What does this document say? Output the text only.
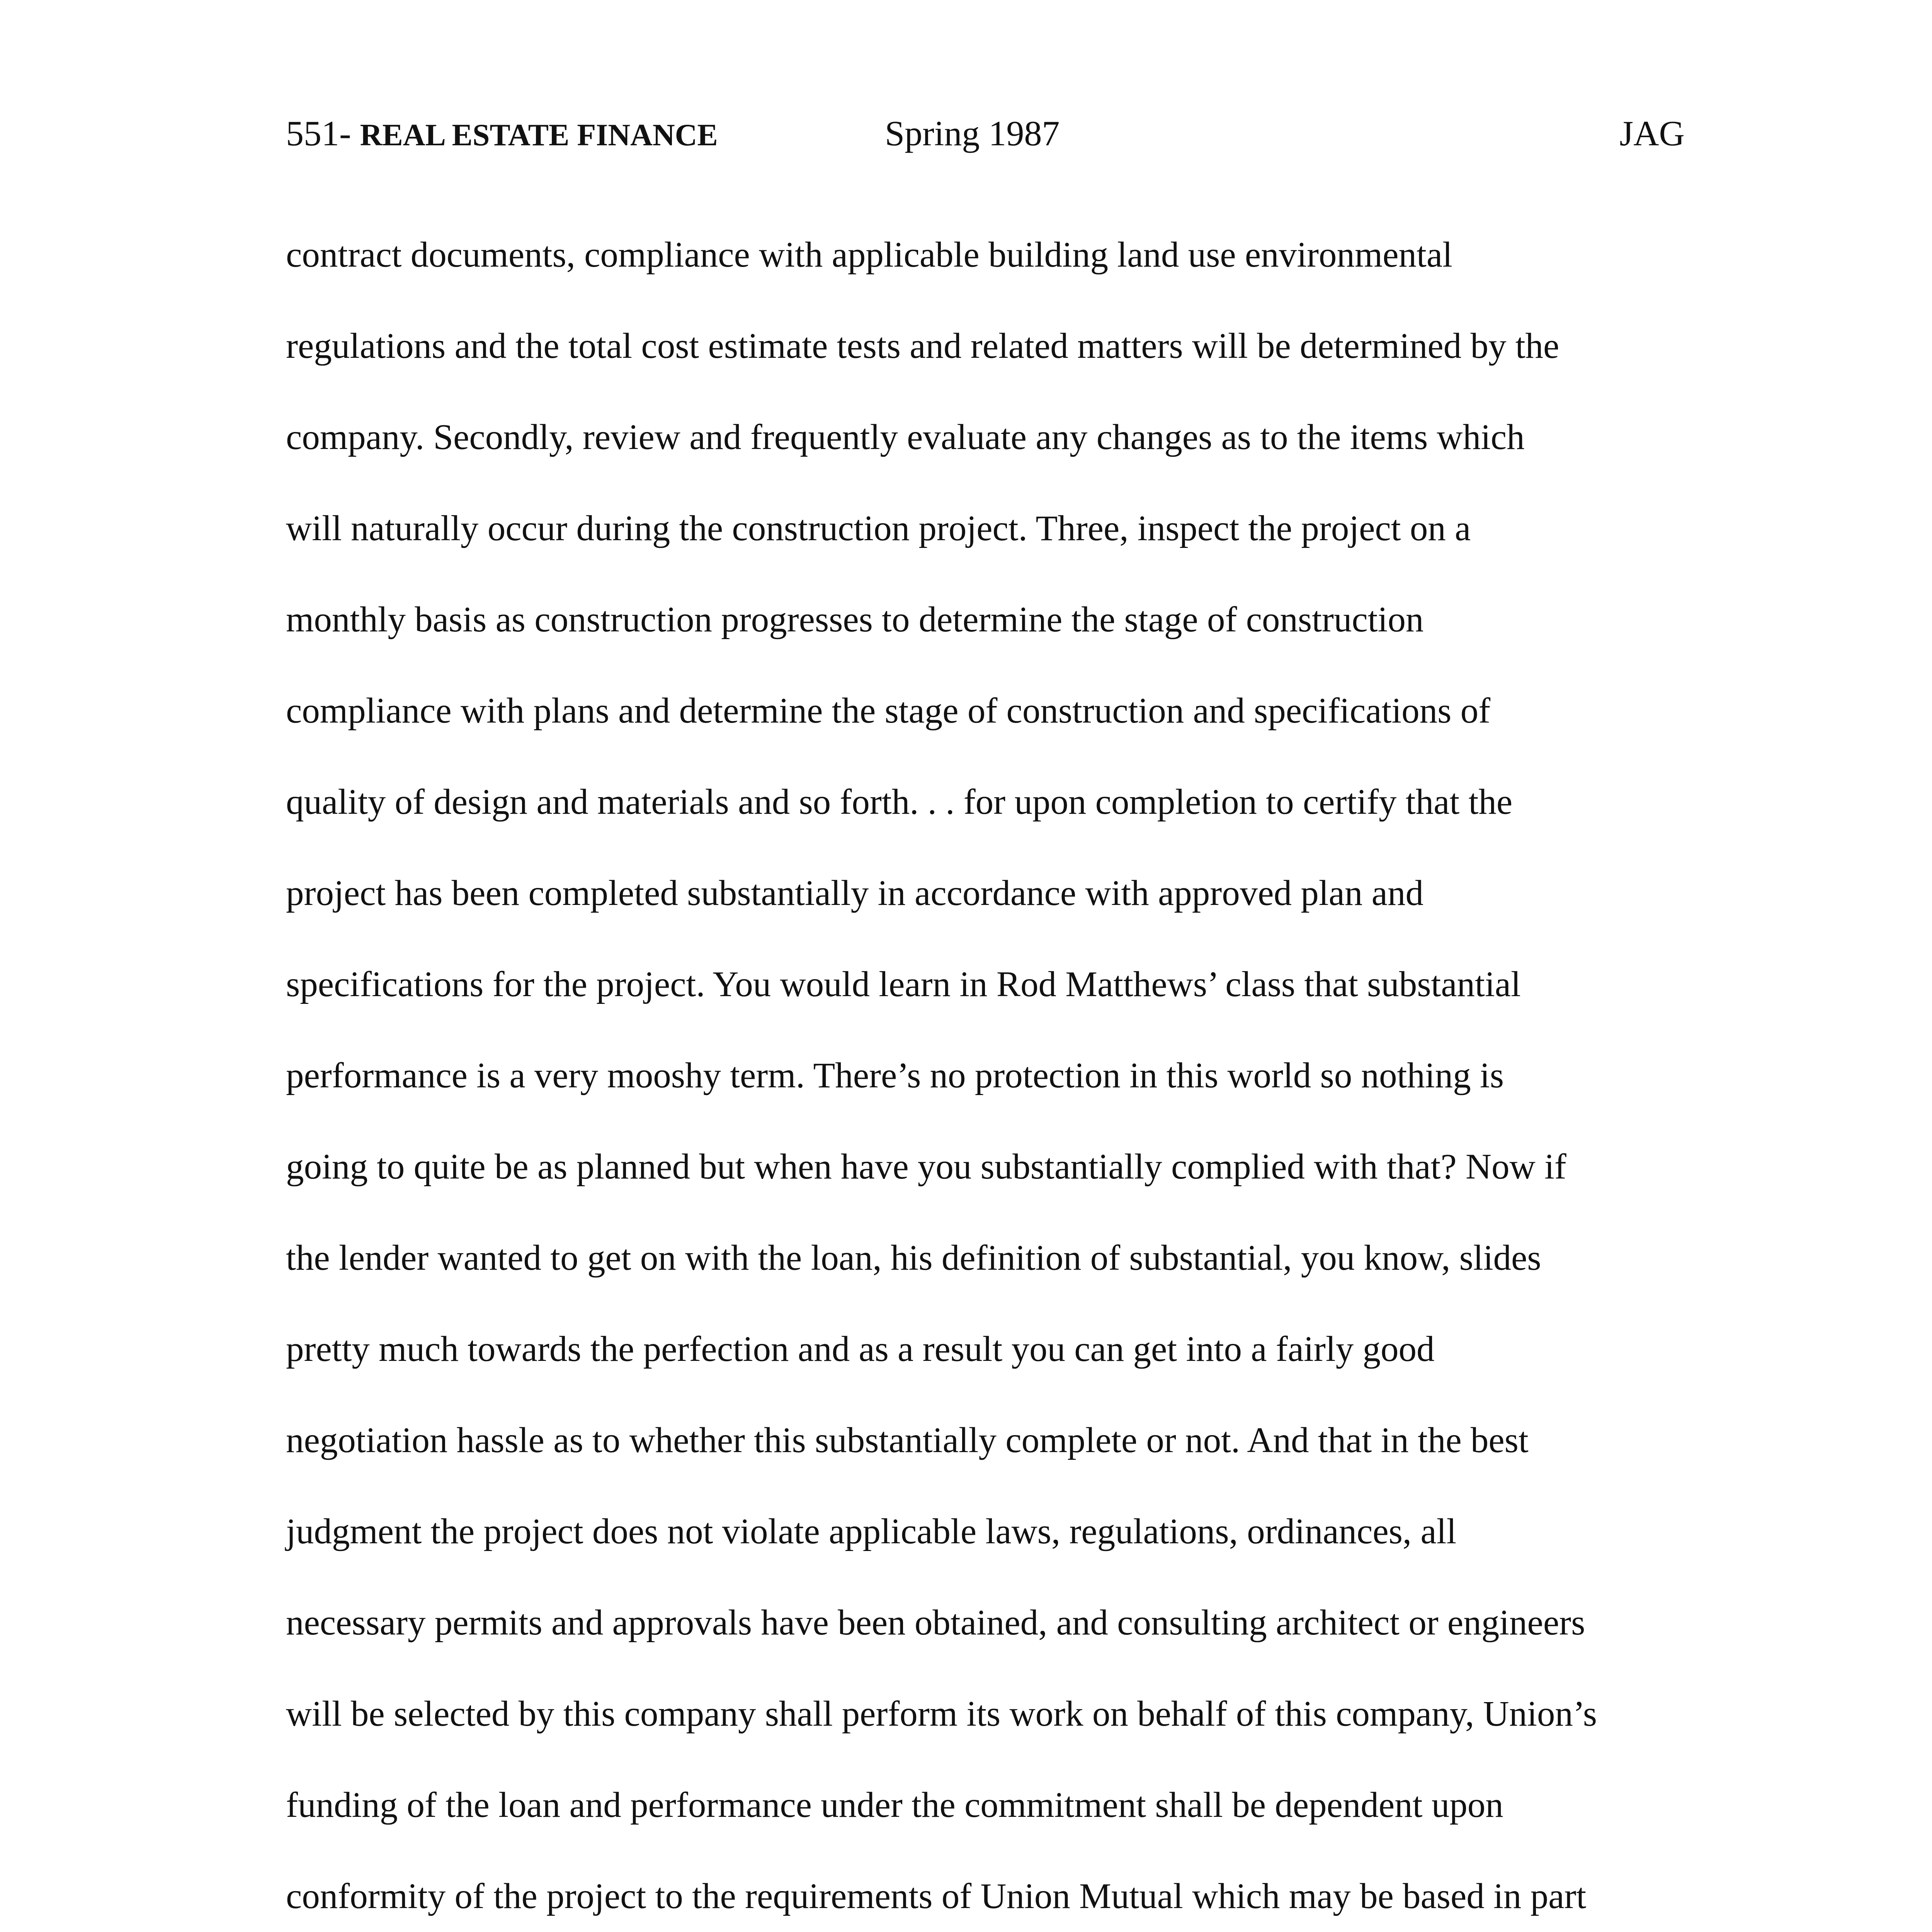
551- REAL ESTATE FINANCE	Spring 1987	JAG
contract documents, compliance with applicable building land use environmental
regulations and the total cost estimate tests and related matters will be determined by the
company. Secondly, review and frequently evaluate any changes as to the items which
will naturally occur during the construction project. Three, inspect the project on a
monthly basis as construction progresses to determine the stage of construction
compliance with plans and determine the stage of construction and specifications of
quality of design and materials and so forth. . . for upon completion to certify that the
project has been completed substantially in accordance with approved plan and
specifications for the project. You would learn in Rod Matthews’ class that substantial
performance is a very mooshy term. There’s no protection in this world so nothing is
going to quite be as planned but when have you substantially complied with that? Now if
the lender wanted to get on with the loan, his definition of substantial, you know, slides
pretty much towards the perfection and as a result you can get into a fairly good
negotiation hassle as to whether this substantially complete or not. And that in the best
judgment the project does not violate applicable laws, regulations, ordinances, all
necessary permits and approvals have been obtained, and consulting architect or engineers
will be selected by this company shall perform its work on behalf of this company, Union’s
funding of the loan and performance under the commitment shall be dependent upon
conformity of the project to the requirements of Union Mutual which may be based in part
